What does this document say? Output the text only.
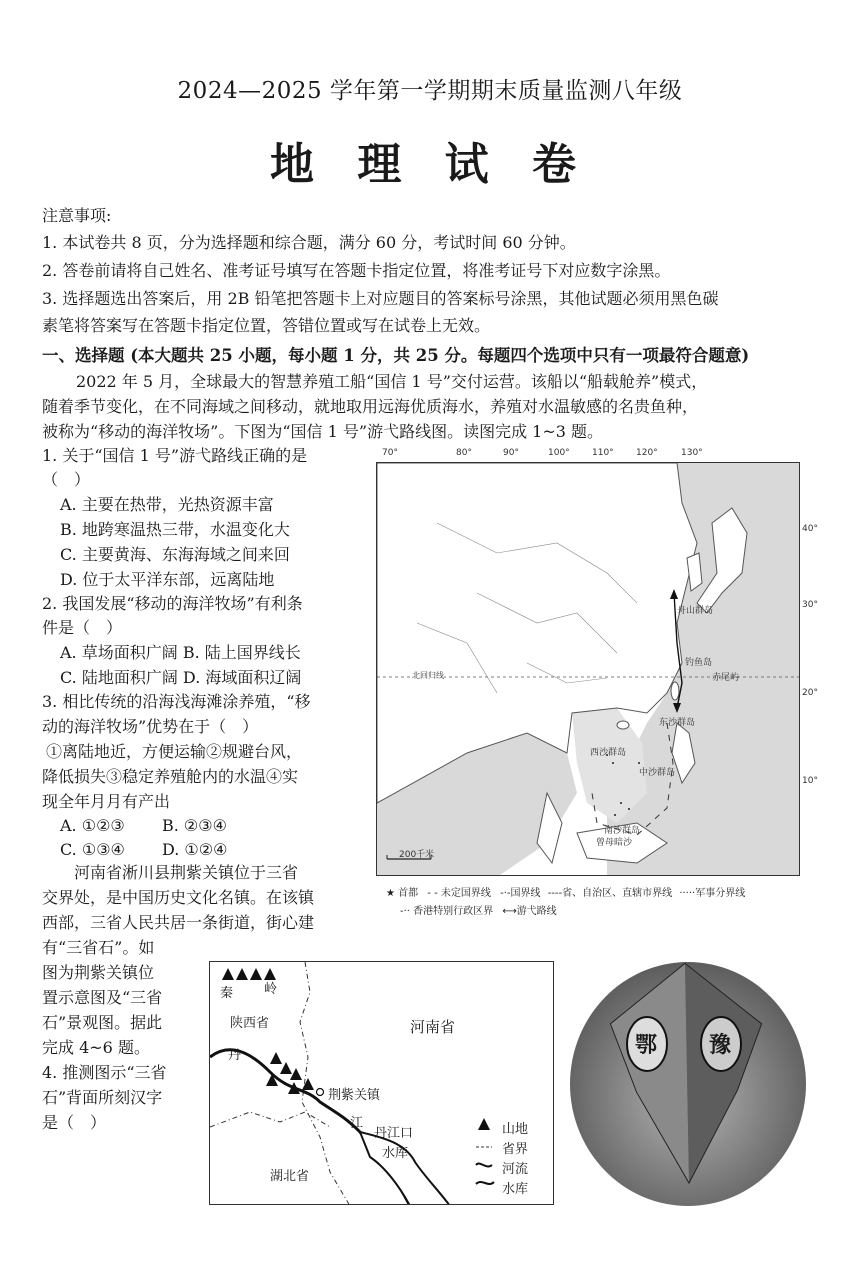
2024—2025 学年第一学期期末质量监测八年级
地 理 试 卷
注意事项:
1. 本试卷共 8 页，分为选择题和综合题，满分 60 分，考试时间 60 分钟。
2. 答卷前请将自己姓名、准考证号填写在答题卡指定位置，将准考证号下对应数字涂黑。
3. 选择题选出答案后，用 2B 铅笔把答题卡上对应题目的答案标号涂黑，其他试题必须用黑色碳
素笔将答案写在答题卡指定位置，答错位置或写在试卷上无效。
一、选择题 (本大题共 25 小题，每小题 1 分，共 25 分。每题四个选项中只有一项最符合题意)
2022 年 5 月，全球最大的智慧养殖工船“国信 1 号”交付运营。该船以“船载舱养”模式，
随着季节变化，在不同海域之间移动，就地取用远海优质海水，养殖对水温敏感的名贵鱼种，
被称为“移动的海洋牧场”。下图为“国信 1 号”游弋路线图。读图完成 1~3 题。
1. 关于“国信 1 号”游弋路线正确的是
（　）
A. 主要在热带，光热资源丰富
B. 地跨寒温热三带，水温变化大
C. 主要黄海、东海海域之间来回
D. 位于太平洋东部，远离陆地
2. 我国发展“移动的海洋牧场”有利条
件是（　）
A. 草场面积广阔 B. 陆上国界线长
C. 陆地面积广阔 D. 海域面积辽阔
3. 相比传统的沿海浅海滩涂养殖，“移
动的海洋牧场”优势在于（　）
①离陆地近，方便运输②规避台风，
降低损失③稳定养殖舱内的水温④实
现全年月月有产出
A. ①②③ B. ②③④
C. ①③④ D. ①②④
河南省淅川县荆紫关镇位于三省
交界处，是中国历史文化名镇。在该镇
西部，三省人民共居一条街道，街心建
有“三省石”。如
图为荆紫关镇位
置示意图及“三省
石”景观图。据此
完成 4~6 题。
4. 推测图示“三省
石”背面所刻汉字
是（　）
70°	80°	90°	100° 110° 120°	130°
北回归线
舟山群岛
钓鱼岛
赤尾屿
东沙群岛
西沙群岛
中沙群岛
南沙群岛
曾母暗沙
200千米
40°
30°
20°
10°
★ 首都 - - 未定国界线 -·-国界线 ----省、自治区、直辖市界线 ·····军事分界线
-·· 香港特别行政区界 ⟷游弋路线
秦 岭
陕西省	河南省
丹
荆紫关镇
江
丹江口
水库
湖北省
山地
省界
河流
水库
鄂 豫
